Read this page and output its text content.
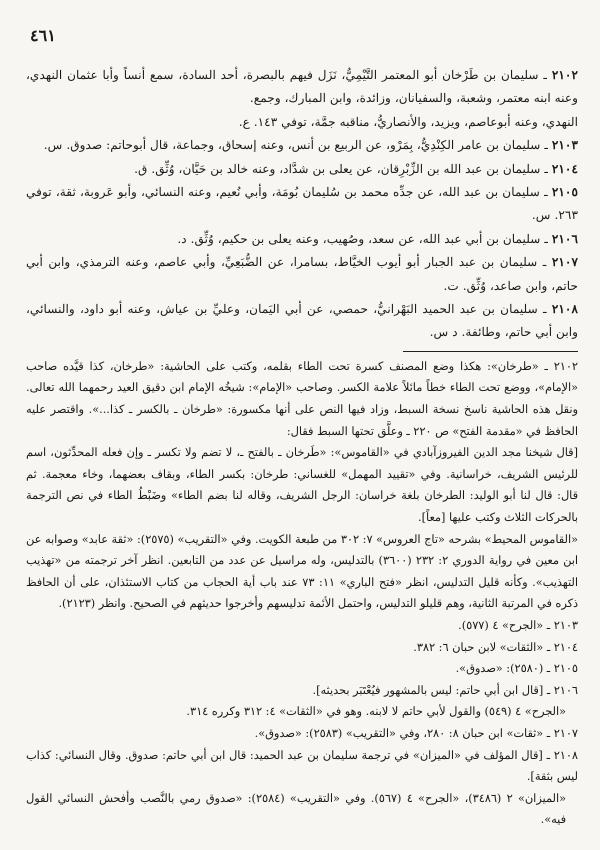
٤٦١

٢١٠٢ ـ سليمان بن طَرْخان أبو المعتمر التَّيْمِيُّ، نَزَل فيهم بالبصرة، أحد السادة، سمع أنساً وأبا عثمان النهدي، وعنه ابنه معتمر، وشعبة، والسفيانان، وزائدة، وابن المبارك، وجمع.

النهدي، وعنه أبوعاصم، ويزيد، والأنصاريُّ، مناقبه جمَّة، توفي ١٤٣. ع.

٢١٠٣ ـ سليمان بن عامر الكِنْدِيُّ، بِمَرْو، عن الربيع بن أنس، وعنه إسحاق، وجماعة، قال أبوحاتم: صدوق. س.

٢١٠٤ ـ سليمان بن عبد الله بن الزِّبْرِقان، عن يعلى بن شدَّاد، وعنه خالد بن حَيَّان، وُثِّق. ق.

٢١٠٥ ـ سليمان بن عبد الله، عن جدِّه محمد بن سُليمان بُومَة، وأبي نُعيم، وعنه النسائي، وأبو عَروبة، ثقة، توفي ٢٦٣. س.

٢١٠٦ ـ سليمان بن أبي عبد الله، عن سعد، وصُهيب، وعنه يعلى بن حكيم، وُثِّق. د.

٢١٠٧ ـ سليمان بن عبد الجبار أبو أيوب الخيَّاط، بسامرا، عن الضُّبَعِيِّ، وأبي عاصم، وعنه الترمذي، وابن أبي حاتم، وابن صاعد، وُثِّق. ت.

٢١٠٨ ـ سليمان بن عبد الحميد البَهْرانيُّ، حمصي، عن أبي اليَمان، وعليِّ بن عياش، وعنه أبو داود، والنسائي، وابن أبي حاتم، وطائفة. د س.

٢١٠٢ ـ «طرخان»: هكذا وضع المصنف كسرة تحت الطاء بقلمه، وكتب على الحاشية: «طرخان، كذا قيَّده صاحب «الإمام»، ووضع تحت الطاء خطاً مائلاً علامة الكسر. وصاحب «الإمام»: شيخُه الإمام ابن دقيق العيد رحمهما الله تعالى. ونقل هذه الحاشية ناسخ نسخة السبط، وزاد فيها النص على أنها مكسورة: «طرخان ـ بالكسر ـ كذا...». واقتصر عليه الحافظ في «مقدمة الفتح» ص ٢٢٠ ـ وعلَّق تحتها السبط فقال:

[قال شيخنا مجد الدين الفيروزآبادي في «القاموس»: «طَرخان ـ بالفتح ـ، لا تضم ولا تكسر ـ وإن فعله المحدِّثون، اسم للرئيس الشريف، خراسانية. وفي «تقييد المهمل» للغساني: طرخان: بكسر الطاء، وبقاف بعضهما، وخاء معجمة. ثم قال: قال لنا أبو الوليد: الطرخان بلغة خراسان: الرجل الشريف، وقاله لنا بضم الطاء» وضَبْطُ الطاء في نص الترجمة بالحركات الثلاث وكتب عليها [معاً].

«القاموس المحيط» بشرحه «تاج العروس» ٧: ٣٠٢ من طبعة الكويت. وفي «التقريب» (٢٥٧٥): «ثقة عابد» وصوابه عن ابن معين في رواية الدوري ٢: ٢٣٢ (٣٦٠٠) بالتدليس، وله مراسيل عن عدد من التابعين. انظر آخر ترجمته من «تهذيب التهذيب». وكأنه قليل التدليس، انظر «فتح الباري» ١١: ٧٣ عند باب أية الحجاب من كتاب الاستئذان، على أن الحافظ ذكره في المرتبة الثانية، وهم قليلو التدليس، واحتمل الأئمة تدليسهم وأخرجوا حديثهم في الصحيح. وانظر (٢١٢٣).

٢١٠٣ ـ «الجرح» ٤ (٥٧٧).

٢١٠٤ ـ «الثقات» لابن حبان ٦: ٣٨٢.

٢١٠٥ ـ (٢٥٨٠): «صدوق».

٢١٠٦ ـ [قال ابن أبي حاتم: ليس بالمشهور فيُعْتَبَر بحديثه].

«الجرح» ٤ (٥٤٩) والقول لأبي حاتم لا لابنه. وهو في «الثقات» ٤: ٣١٢ وكرره ٣١٤.

٢١٠٧ ـ «ثقات» ابن حبان ٨: ٢٨٠، وفي «التقريب» (٢٥٨٣): «صدوق».

٢١٠٨ ـ [قال المؤلف في «الميزان» في ترجمة سليمان بن عبد الحميد: قال ابن أبي حاتم: صدوق. وقال النسائي: كذاب ليس بثقة].

«الميزان» ٢ (٣٤٨٦)، «الجرح» ٤ (٥٦٧). وفي «التقريب» (٢٥٨٤): «صدوق رمي بالنَّصب وأفحش النسائي القول فيه».
